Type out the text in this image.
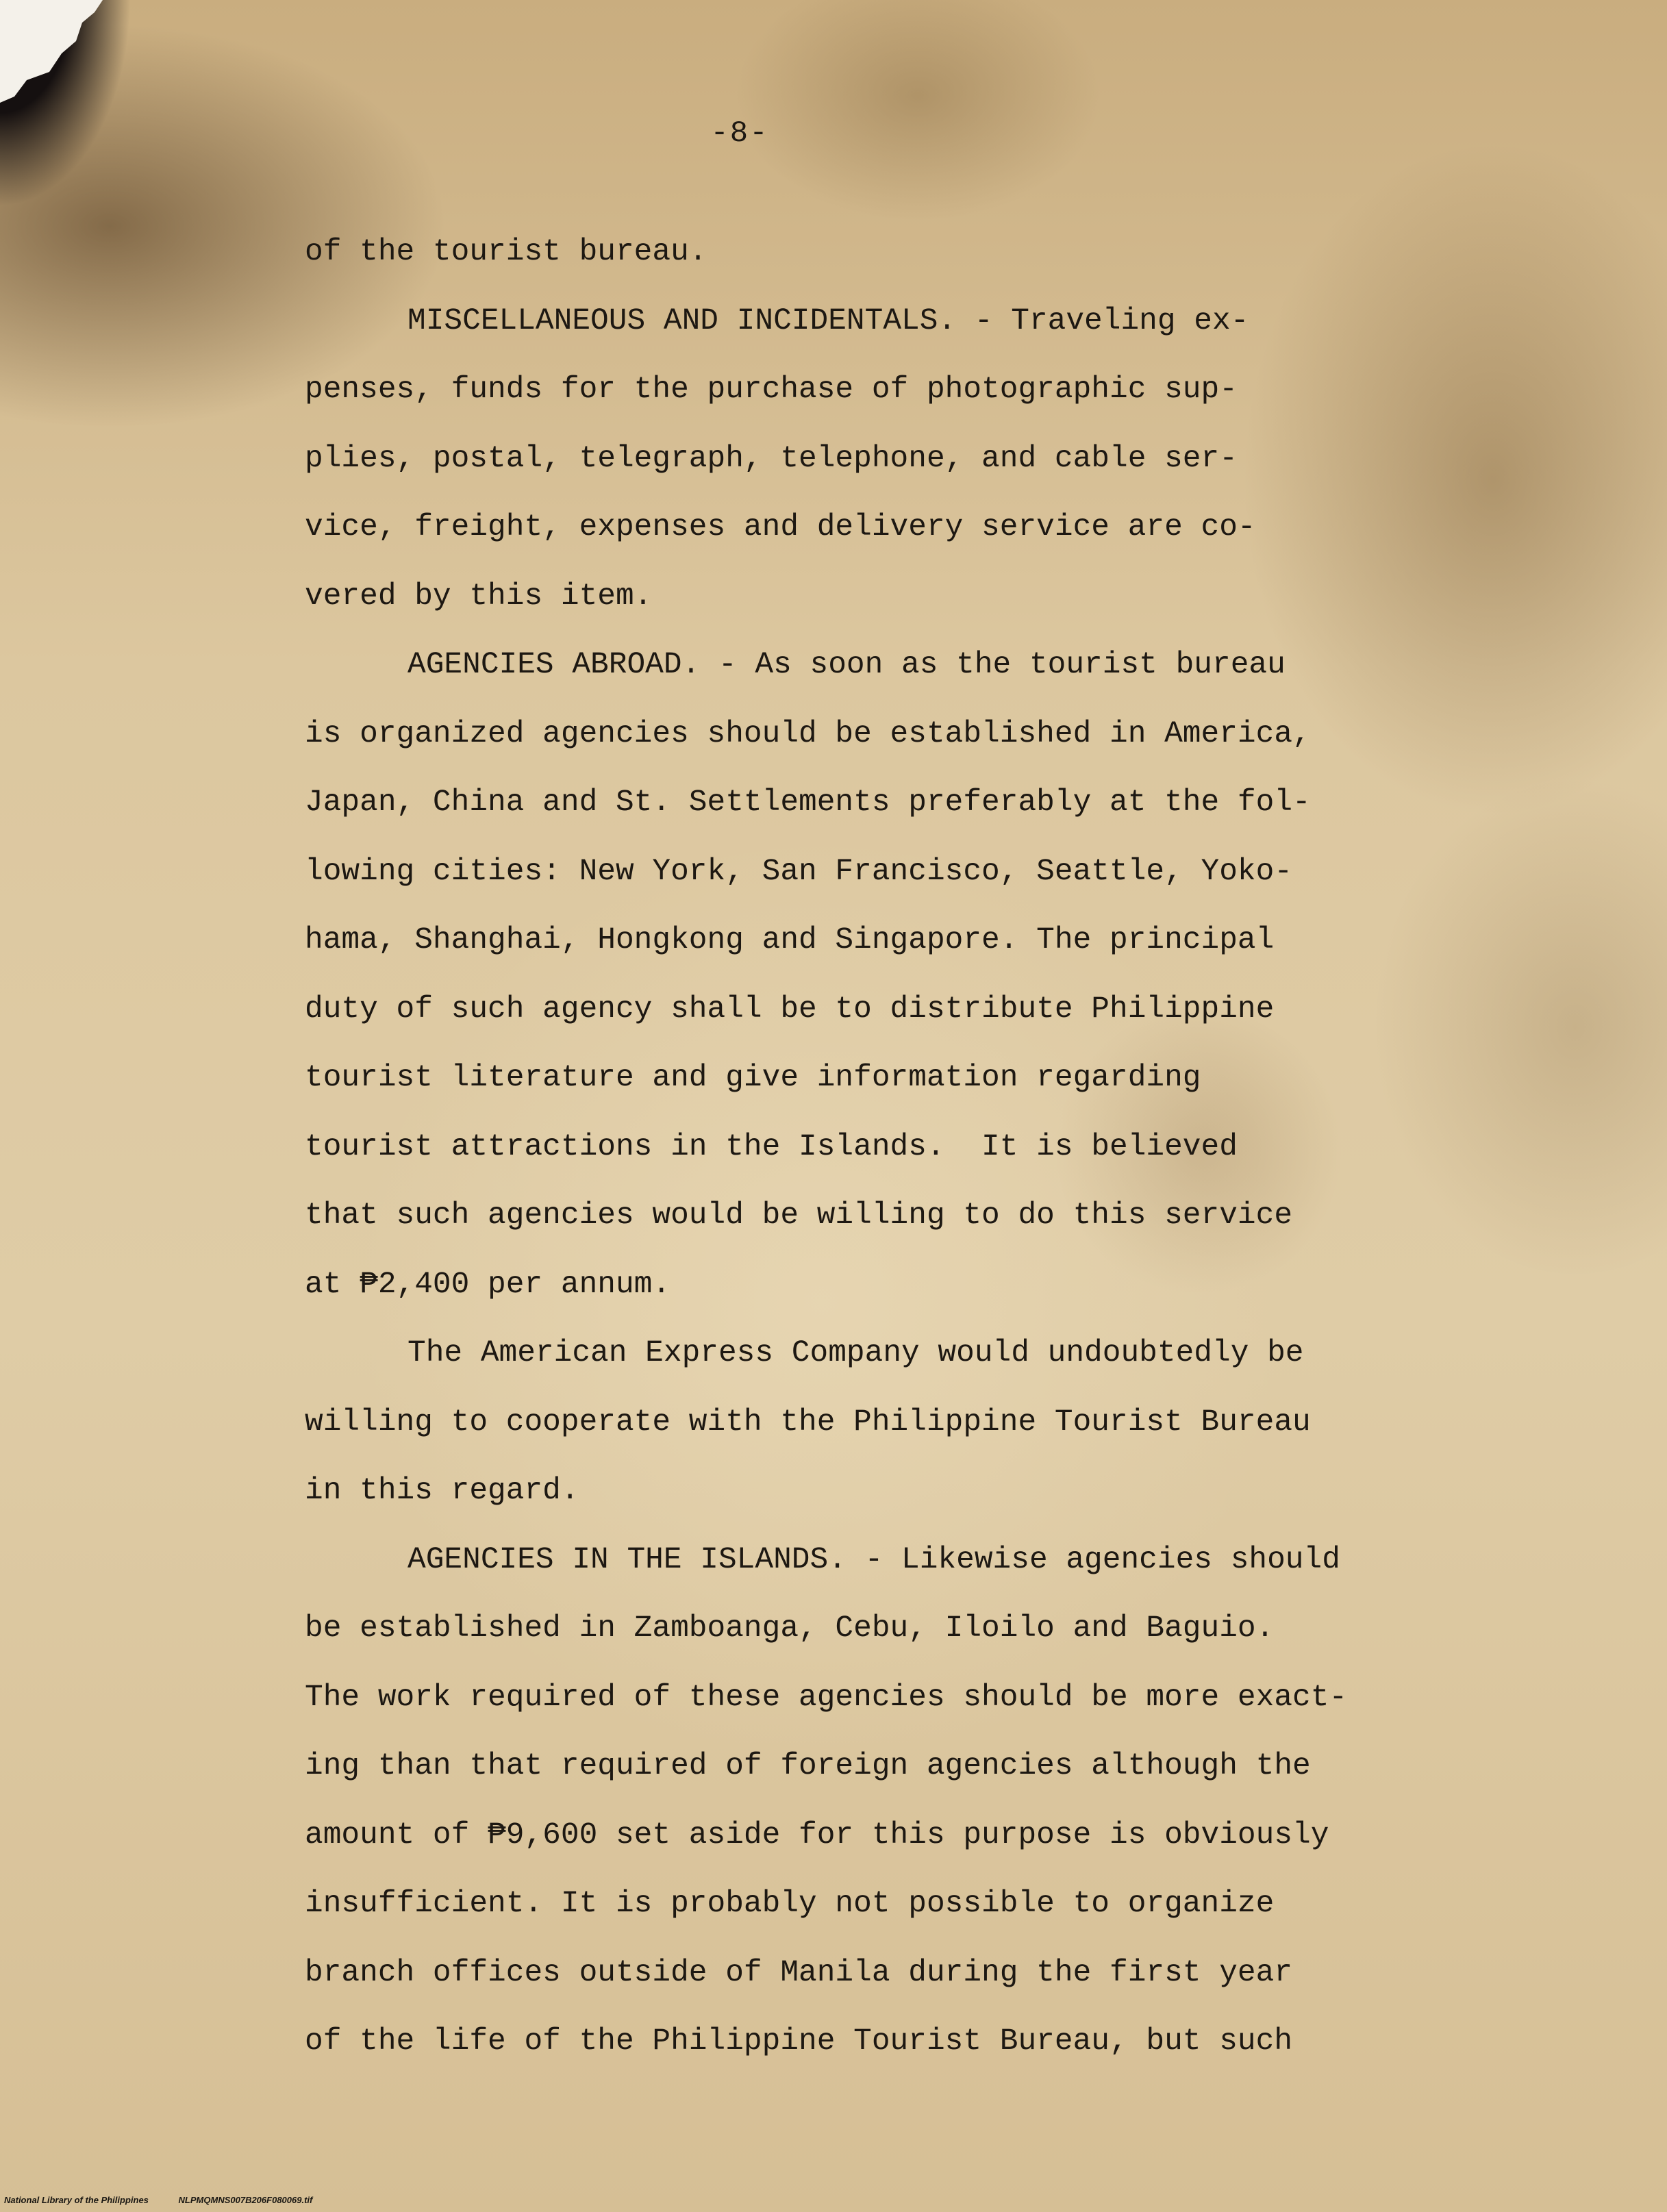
-8-
of the tourist bureau.
MISCELLANEOUS AND INCIDENTALS. - Traveling ex-
penses, funds for the purchase of photographic sup-
plies, postal, telegraph, telephone, and cable ser-
vice, freight, expenses and delivery service are co-
vered by this item.
AGENCIES ABROAD. - As soon as the tourist bureau
is organized agencies should be established in America,
Japan, China and St. Settlements preferably at the fol-
lowing cities: New York, San Francisco, Seattle, Yoko-
hama, Shanghai, Hongkong and Singapore. The principal
duty of such agency shall be to distribute Philippine
tourist literature and give information regarding
tourist attractions in the Islands.  It is believed
that such agencies would be willing to do this service
at ₱2,400 per annum.
The American Express Company would undoubtedly be
willing to cooperate with the Philippine Tourist Bureau
in this regard.
AGENCIES IN THE ISLANDS. - Likewise agencies should
be established in Zamboanga, Cebu, Iloilo and Baguio.
The work required of these agencies should be more exact-
ing than that required of foreign agencies although the
amount of ₱9,600 set aside for this purpose is obviously
insufficient. It is probably not possible to organize
branch offices outside of Manila during the first year
of the life of the Philippine Tourist Bureau, but such
National Library of the Philippines	NLPMQMNS007B206F080069.tif
